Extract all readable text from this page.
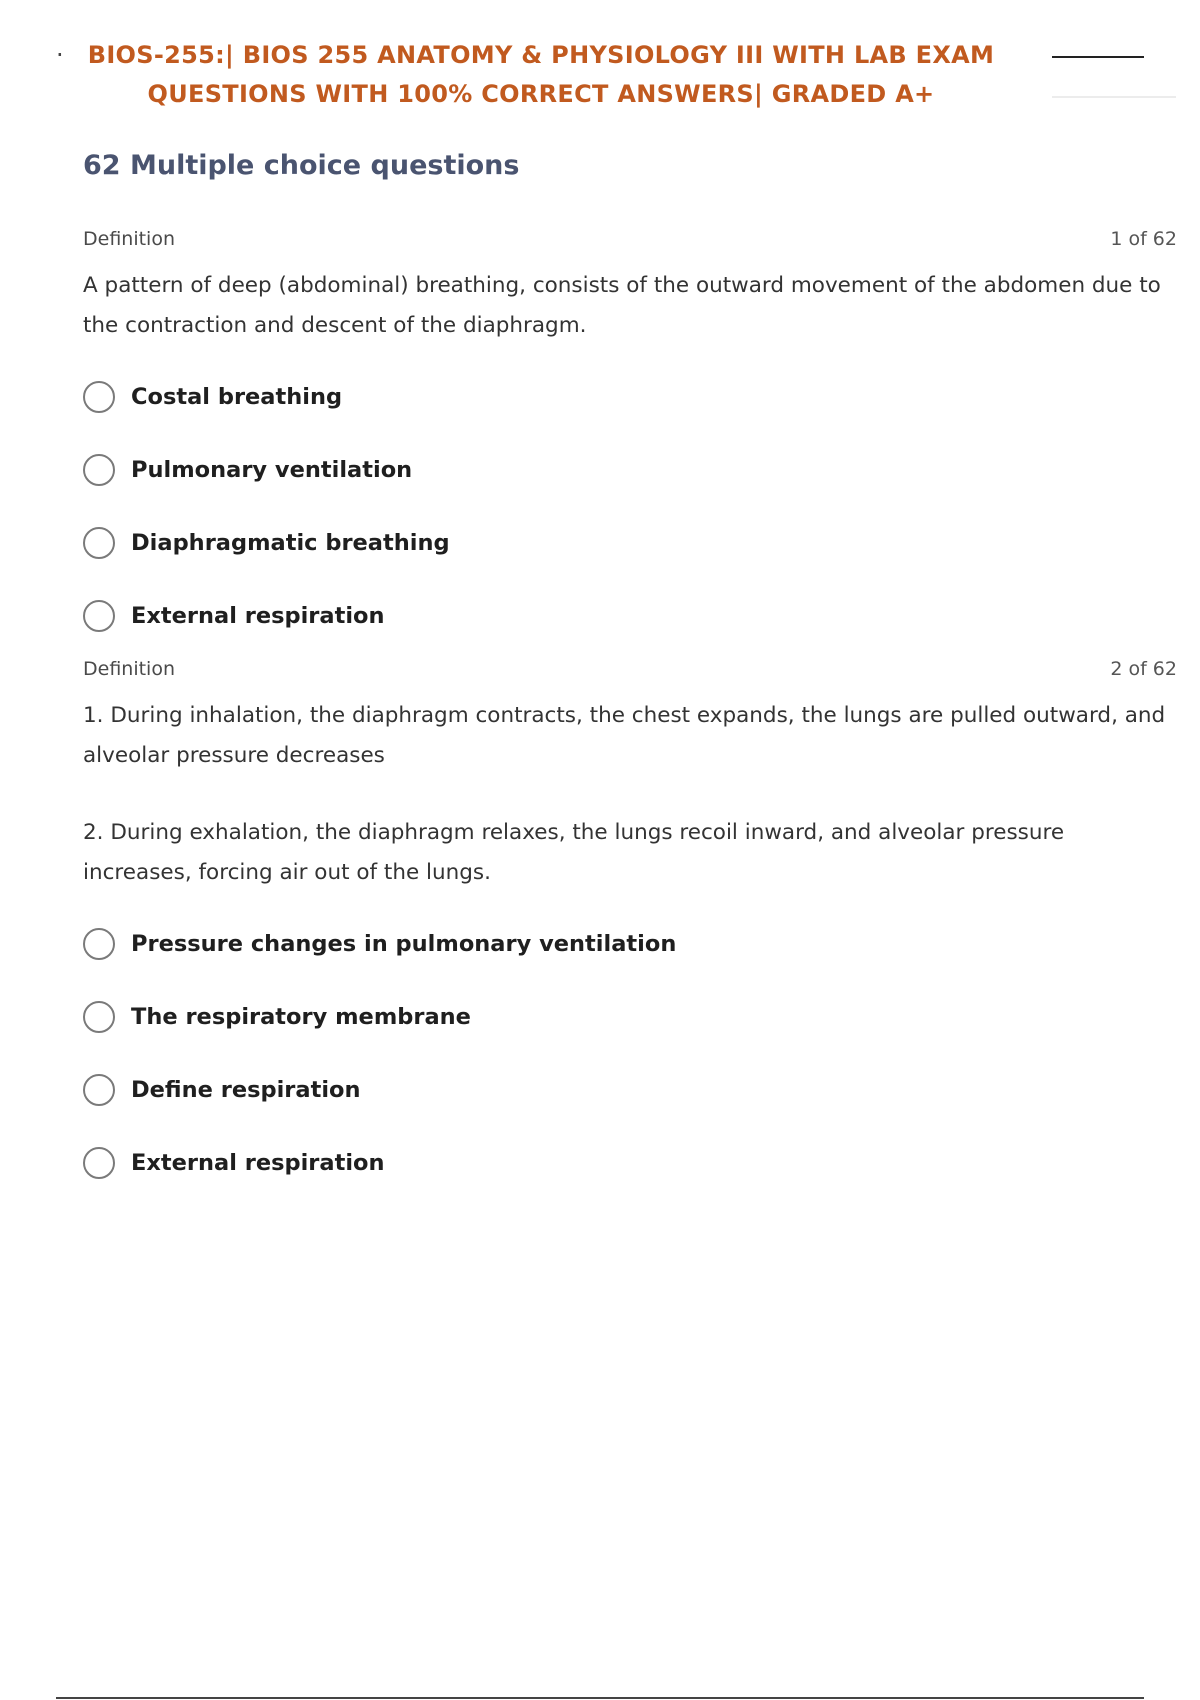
· BIOS-255:| BIOS 255 ANATOMY & PHYSIOLOGY III WITH LAB EXAM
QUESTIONS WITH 100% CORRECT ANSWERS| GRADED A+
62 Multiple choice questions
Definition	1 of 62

A pattern of deep (abdominal) breathing, consists of the outward movement of the abdomen due to the contraction and descent of the diaphragm.

Costal breathing
Pulmonary ventilation
Diaphragmatic breathing
External respiration
Definition	2 of 62

1. During inhalation, the diaphragm contracts, the chest expands, the lungs are pulled outward, and alveolar pressure decreases

2. During exhalation, the diaphragm relaxes, the lungs recoil inward, and alveolar pressure increases, forcing air out of the lungs.

Pressure changes in pulmonary ventilation
The respiratory membrane
Define respiration
External respiration
